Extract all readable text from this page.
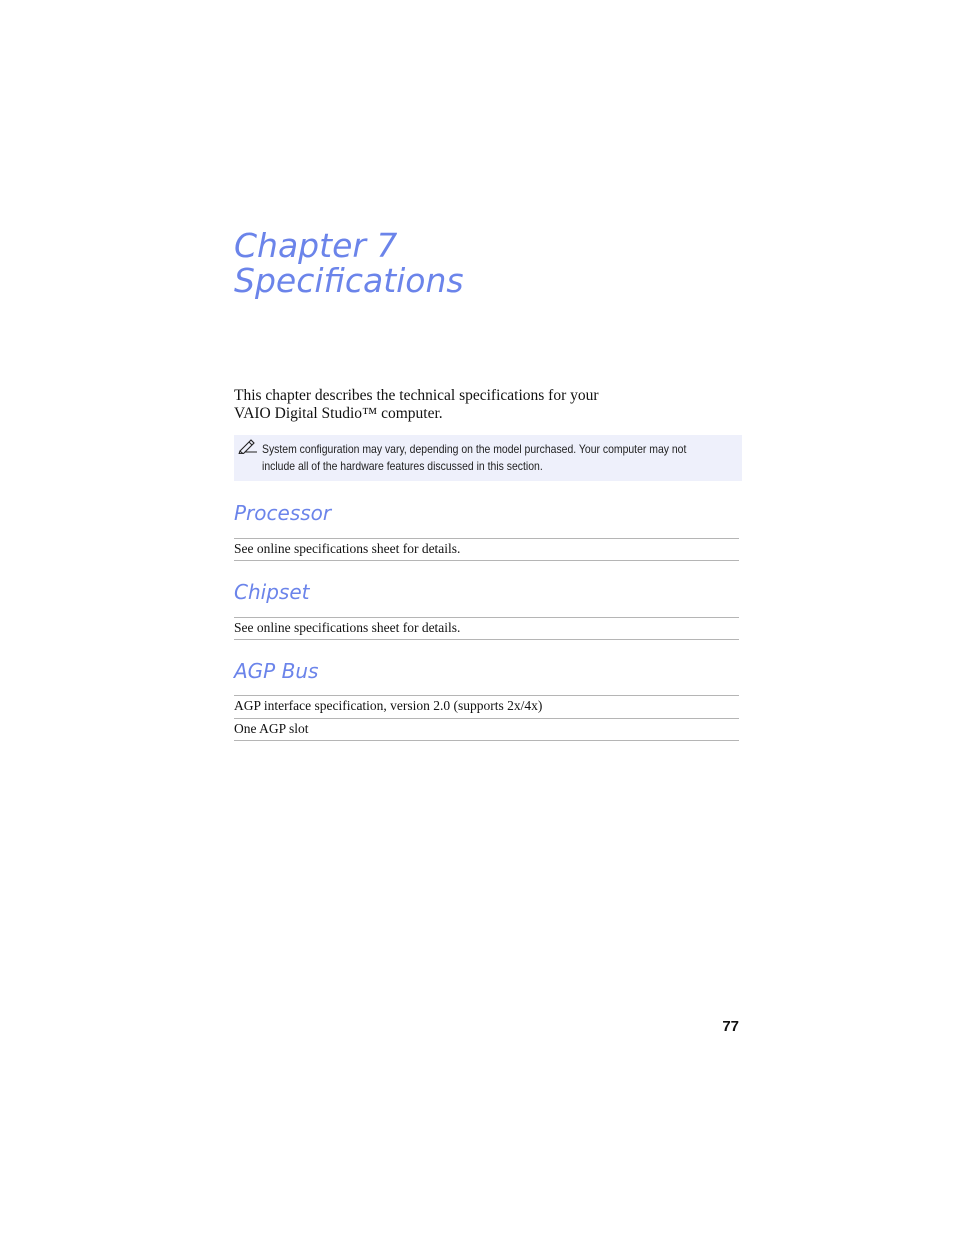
Chapter 7
Specifications

This chapter describes the technical specifications for your
VAIO Digital Studio™ computer.

System configuration may vary, depending on the model purchased. Your computer may not
include all of the hardware features discussed in this section.

Processor
See online specifications sheet for details.
Chipset
See online specifications sheet for details.
AGP Bus
AGP interface specification, version 2.0 (supports 2x/4x)
One AGP slot
77
